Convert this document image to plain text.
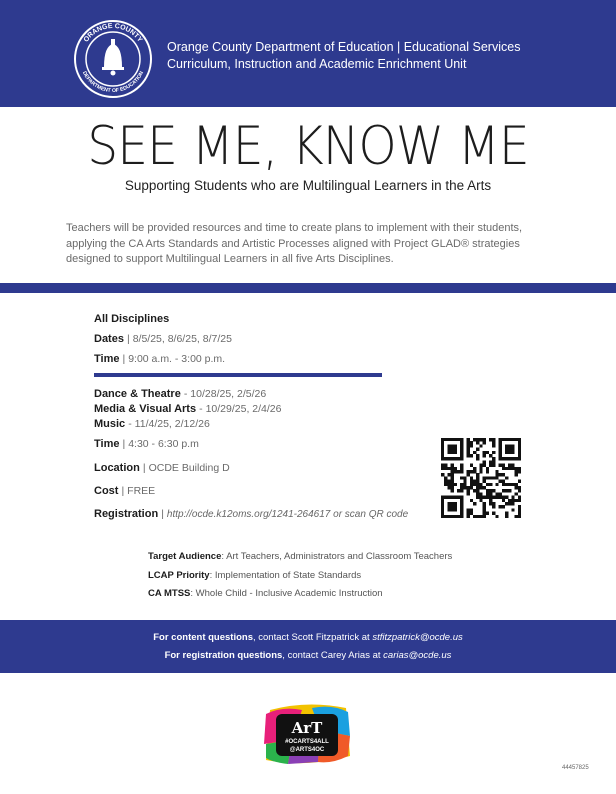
ORANGE COUNTY
DEPARTMENT OF EDUCATION
Orange County Department of Education | Educational Services
Curriculum, Instruction and Academic Enrichment Unit
SEE ME, KNOW ME
Supporting Students who are Multilingual Learners in the Arts
Teachers will be provided resources and time to create plans to implement with their students, applying the CA Arts Standards and Artistic Processes aligned with Project GLAD® strategies designed to support Multilingual Learners in all five Arts Disciplines.
All Disciplines
Dates | 8/5/25, 8/6/25, 8/7/25
Time | 9:00 a.m. - 3:00 p.m.
Dance & Theatre - 10/28/25, 2/5/26
Media & Visual Arts - 10/29/25, 2/4/26
Music - 11/4/25, 2/12/26
Time | 4:30 - 6:30 p.m
Location | OCDE Building D
Cost | FREE
Registration | http://ocde.k12oms.org/1241-264617 or scan QR code
Target Audience: Art Teachers, Administrators and Classroom Teachers
LCAP Priority: Implementation of State Standards
CA MTSS: Whole Child - Inclusive Academic Instruction
For content questions, contact Scott Fitzpatrick at stfitzpatrick@ocde.us
For registration questions, contact Carey Arias at carias@ocde.us
ArT
#OCARTS4ALL
@ARTS4OC
44457825
